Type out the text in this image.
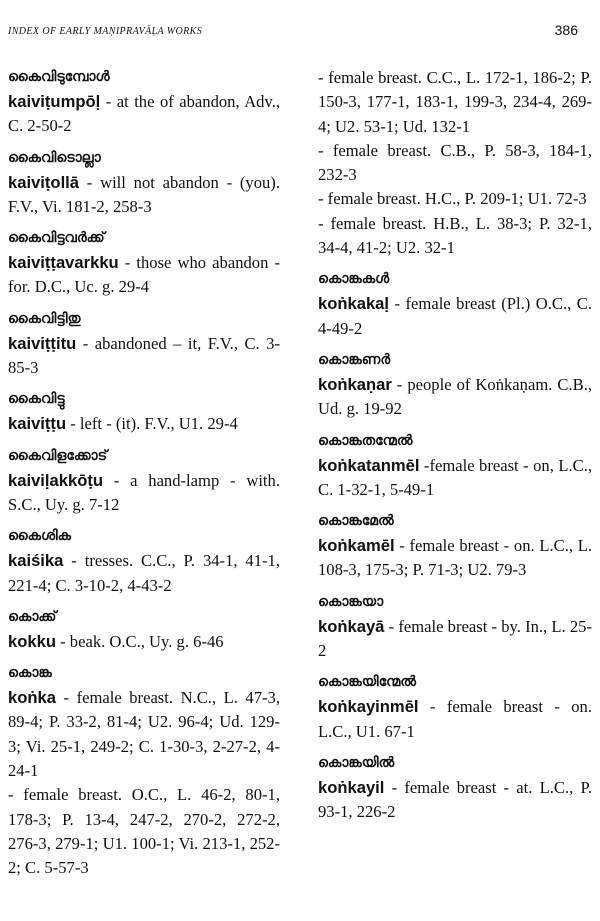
INDEX OF EARLY MAṆIPRAVĀḶA WORKS	386
കൈവിടുമ്പോൾ
kaiviṭumpōḷ - at the of abandon, Adv., C. 2-50-2
കൈവിടൊല്ലാ
kaiviṭollā - will not abandon - (you). F.V., Vi. 181-2, 258-3
കൈവിട്ടവർക്ക്
kaiviṭṭavarkku - those who abandon - for. D.C., Uc. g. 29-4
കൈവിട്ടിതു
kaiviṭṭitu - abandoned – it, F.V., C. 3-85-3
കൈവിട്ടു
kaiviṭṭu - left - (it). F.V., U1. 29-4
കൈവിളക്കോട്
kaiviḷakkōṭu - a hand-lamp - with. S.C., Uy. g. 7-12
കൈശിക
kaiśika - tresses. C.C., P. 34-1, 41-1, 221-4; C. 3-10-2, 4-43-2
കൊക്ക്
kokku - beak. O.C., Uy. g. 6-46
കൊങ്ക
koṅka - female breast. N.C., L. 47-3, 89-4; P. 33-2, 81-4; U2. 96-4; Ud. 129-3; Vi. 25-1, 249-2; C. 1-30-3, 2-27-2, 4-24-1
- female breast. O.C., L. 46-2, 80-1, 178-3; P. 13-4, 247-2, 270-2, 272-2, 276-3, 279-1; U1. 100-1; Vi. 213-1, 252-2; C. 5-57-3
- female breast. C.C., L. 172-1, 186-2; P. 150-3, 177-1, 183-1, 199-3, 234-4, 269-4; U2. 53-1; Ud. 132-1
- female breast. C.B., P. 58-3, 184-1, 232-3
- female breast. H.C., P. 209-1; U1. 72-3
- female breast. H.B., L. 38-3; P. 32-1, 34-4, 41-2; U2. 32-1
കൊങ്കകൾ
koṅkakaḷ - female breast (Pl.) O.C., C. 4-49-2
കൊങ്കണർ
koṅkaṇar - people of Koṅkaṇam. C.B., Ud. g. 19-92
കൊങ്കതന്മേൽ
koṅkatanmēl -female breast - on, L.C., C. 1-32-1, 5-49-1
കൊങ്കമേൽ
koṅkamēl - female breast - on. L.C., L. 108-3, 175-3; P. 71-3; U2. 79-3
കൊങ്കയാ
koṅkayā - female breast - by. In., L. 25-2
കൊങ്കയിന്മേൽ
koṅkayinmēl - female breast - on. L.C., U1. 67-1
കൊങ്കയിൽ
koṅkayil - female breast - at. L.C., P. 93-1, 226-2
